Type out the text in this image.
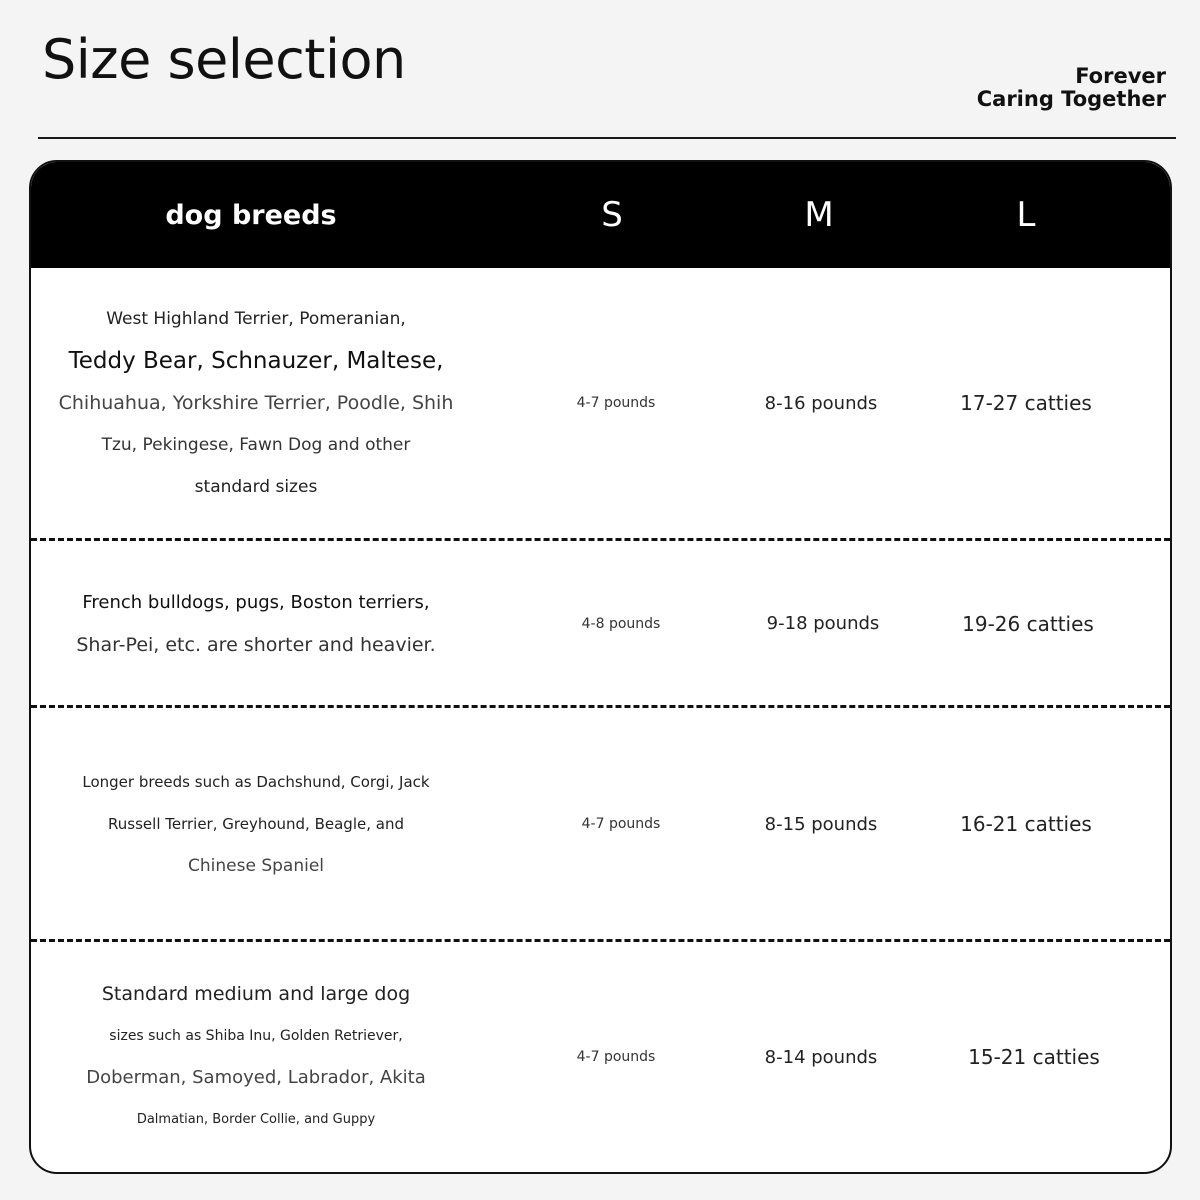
Size selection	Forever
Caring Together
dog breeds	S	M	L
West Highland Terrier, Pomeranian,
Teddy Bear, Schnauzer, Maltese,
Chihuahua, Yorkshire Terrier, Poodle, Shih
Tzu, Pekingese, Fawn Dog and other
standard sizes
4-7 pounds	8-16 pounds	17-27 catties
French bulldogs, pugs, Boston terriers,
Shar-Pei, etc. are shorter and heavier.
4-8 pounds	9-18 pounds	19-26 catties
Longer breeds such as Dachshund, Corgi, Jack
Russell Terrier, Greyhound, Beagle, and
Chinese Spaniel
4-7 pounds	8-15 pounds	16-21 catties
Standard medium and large dog
sizes such as Shiba Inu, Golden Retriever,
Doberman, Samoyed, Labrador, Akita
Dalmatian, Border Collie, and Guppy
4-7 pounds	8-14 pounds	15-21 catties
